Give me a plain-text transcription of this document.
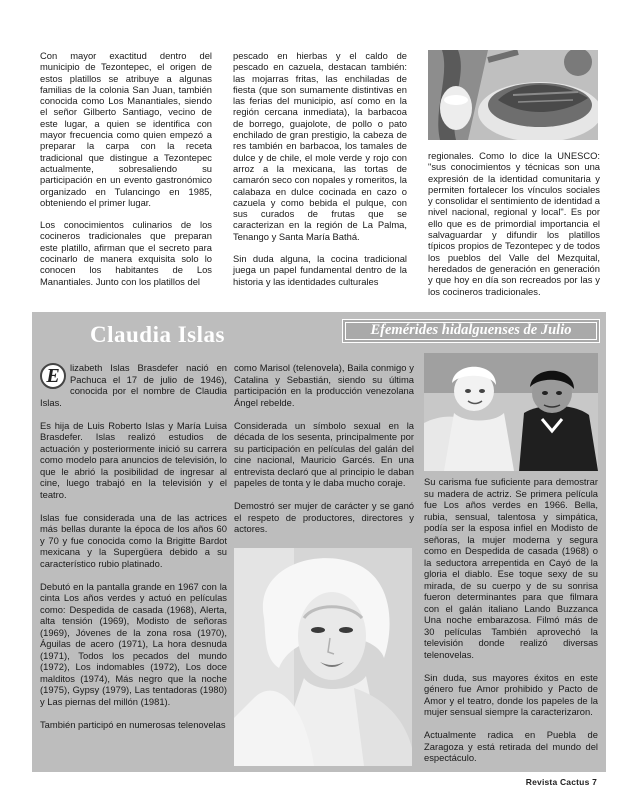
Con mayor exactitud dentro del municipio de Tezontepec, el origen de estos platillos se atribuye a algunas familias de la colonia San Juan, también conocida como Los Manantiales, siendo el señor Gilberto Santiago, vecino de este lugar, a quien se identifica con mayor frecuencia como quien empezó a preparar la carpa con la receta tradicional que distingue a Tezontepec actualmente, sobresaliendo su participación en un evento gastronómico organizado en Tulancingo en 1985, obteniendo el primer lugar.

Los conocimientos culinarios de los cocineros tradicionales que preparan este platillo, afirman que el secreto para cocinarlo de manera exquisita solo lo conocen los habitantes de Los Manantiales. Junto con los platillos del

pescado en hierbas y el caldo de pescado en cazuela, destacan también: las mojarras fritas, las enchiladas de fiesta (que son sumamente distintivas en las ferias del municipio, así como en la región cercana inmediata), la barbacoa de borrego, guajolote, de pollo o pato enchilado de gran prestigio, la cabeza de res también en barbacoa, los tamales de dulce y de chile, el mole verde y rojo con arroz a la mexicana, las tortas de camarón seco con nopales y romeritos, la calabaza en dulce cocinada en cazo o cazuela y como bebida el pulque, con sus curados de frutas que se caracterizan en la región de La Palma, Tenango y Santa María Bathá.

Sin duda alguna, la cocina tradicional juega un papel fundamental dentro de la historia y las identidades culturales

regionales. Como lo dice la UNESCO: "sus conocimientos y técnicas son una expresión de la identidad comunitaria y permiten fortalecer los vínculos sociales y consolidar el sentimiento de identidad a nivel nacional, regional y local". Es por ello que es de primordial importancia el salvaguardar y difundir los platillos típicos propios de Tezontepec y de todos los pueblos del Valle del Mezquital, heredados de generación en generación y que hoy en día son recreados por las y los cocineros tradicionales.

Claudia Islas	Efemérides hidalguenses de Julio

E	lizabeth Islas Brasdefer nació en Pachuca el 17 de julio de 1946), conocida por el nombre de Claudia Islas.

Es hija de Luis Roberto Islas y María Luisa Brasdefer. Islas realizó estudios de actuación y posteriormente inició su carrera como modelo para anuncios de televisión, lo que le abrió la posibilidad de ingresar al cine, luego trabajó en la televisión y el teatro.

Islas fue considerada una de las actrices más bellas durante la época de los años 60 y 70 y fue conocida como la Brigitte Bardot mexicana y la Supergüera debido a su característico rubio platinado.

Debutó en la pantalla grande en 1967 con la cinta Los años verdes y actuó en películas como: Despedida de casada (1968), Alerta, alta tensión (1969), Modisto de señoras (1969), Jóvenes de la zona rosa (1970), Águilas de acero (1971), La hora desnuda (1971), Todos los pecados del mundo (1972), Los indomables (1972), Los doce malditos (1974), Más negro que la noche (1975), Gypsy (1979), Las tentadoras (1980) y Las piernas del millón (1981).

También participó en numerosas telenovelas

como Marisol (telenovela), Baila conmigo y Catalina y Sebastián, siendo su última participación en la producción venezolana Ángel rebelde.

Considerada un símbolo sexual en la década de los sesenta, principalmente por su participación en películas del galán del cine nacional, Mauricio Garcés. En una entrevista declaró que al principio le daban papeles de tonta y le daba mucho coraje.

Demostró ser mujer de carácter y se ganó el respeto de productores, directores y actores.

Su carisma fue suficiente para demostrar su madera de actriz. Se primera película fue Los años verdes en 1966. Bella, rubia, sensual, talentosa y simpática, podía ser la esposa infiel en Modisto de señoras, la mujer moderna y segura como en Despedida de casada (1968) o la seductora arrepentida en Cayó de la gloria el diablo. Ese toque sexy de su mirada, de su cuerpo y de su sonrisa fueron determinantes para que filmara con el galán italiano Lando Buzzanca Una noche embarazosa. Filmó más de 30 películas También aprovechó la televisión donde realizó diversas telenovelas.

Sin duda, sus mayores éxitos en este género fue Amor prohibido y Pacto de Amor y el teatro, donde los papeles de la mujer sensual siempre la caracterizaron.

Actualmente radica en Puebla de Zaragoza y está retirada del mundo del espectáculo.

Revista Cactus 7
